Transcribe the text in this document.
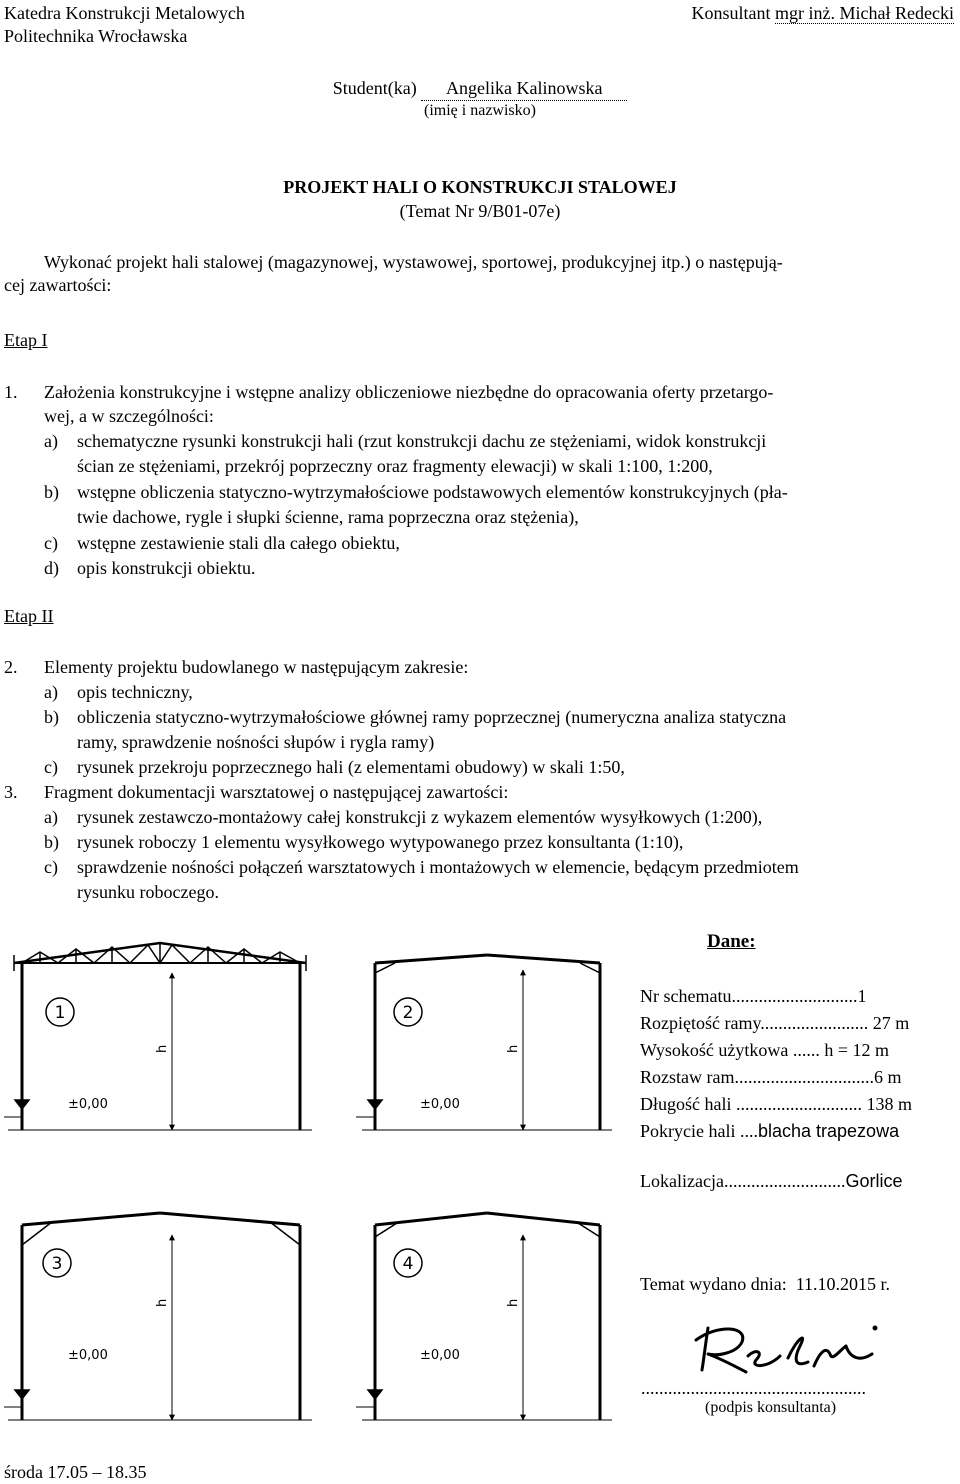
Katedra Konstrukcji Metalowych
Politechnika Wrocławska
Konsultant mgr inż. Michał Redecki
Student(ka) Angelika Kalinowska
(imię i nazwisko)
PROJEKT HALI O KONSTRUKCJI STALOWEJ
(Temat Nr 9/B01-07e)
Wykonać projekt hali stalowej (magazynowej, wystawowej, sportowej, produkcyjnej itp.) o następują-
cej zawartości:
Etap I
1. Założenia konstrukcyjne i wstępne analizy obliczeniowe niezbędne do opracowania oferty przetargo-
wej, a w szczególności:
a) schematyczne rysunki konstrukcji hali (rzut konstrukcji dachu ze stężeniami, widok konstrukcji
ścian ze stężeniami, przekrój poprzeczny oraz fragmenty elewacji) w skali 1:100, 1:200,
b) wstępne obliczenia statyczno-wytrzymałościowe podstawowych elementów konstrukcyjnych (pła-
twie dachowe, rygle i słupki ścienne, rama poprzeczna oraz stężenia),
c) wstępne zestawienie stali dla całego obiektu,
d) opis konstrukcji obiektu.
Etap II
2. Elementy projektu budowlanego w następującym zakresie:
a) opis techniczny,
b) obliczenia statyczno-wytrzymałościowe głównej ramy poprzecznej (numeryczna analiza statyczna
ramy, sprawdzenie nośności słupów i rygla ramy)
c) rysunek przekroju poprzecznego hali (z elementami obudowy) w skali 1:50,
3. Fragment dokumentacji warsztatowej o następującej zawartości:
a) rysunek zestawczo-montażowy całej konstrukcji z wykazem elementów wysyłkowych (1:200),
b) rysunek roboczy 1 elementu wysyłkowego wytypowanego przez konsultanta (1:10),
c) sprawdzenie nośności połączeń warsztatowych i montażowych w elemencie, będącym przedmiotem
rysunku roboczego.
1	2
3	4
h	h
h	h
±0,00	±0,00
±0,00	±0,00
Dane:
Nr schematu............................1
Rozpiętość ramy........................ 27 m
Wysokość użytkowa ...... h = 12 m
Rozstaw ram...............................6 m
Długość hali ............................ 138 m
Pokrycie hali ....blacha trapezowa
Lokalizacja...........................Gorlice
Temat wydano dnia: 11.10.2015 r.
..................................................
(podpis konsultanta)
środa 17.05 – 18.35
